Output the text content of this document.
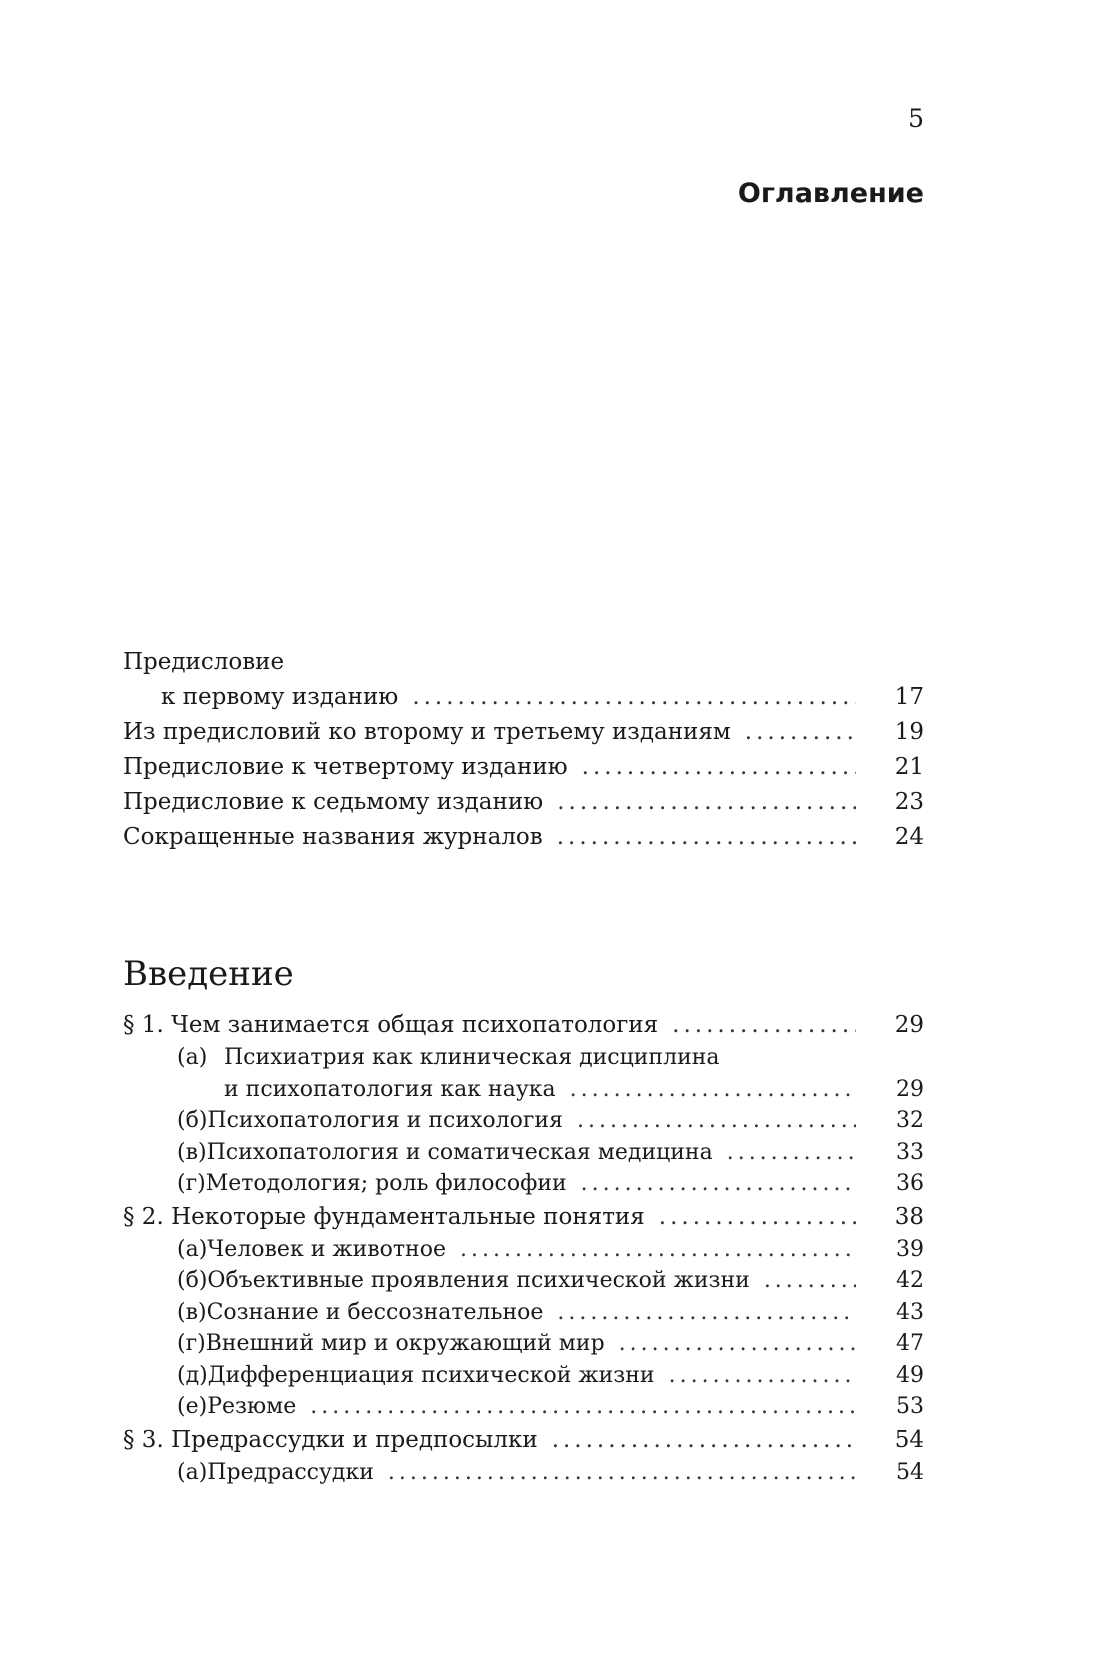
5
Оглавление
Предисловие
к первому изданию .....	17
Из предисловий ко второму и третьему изданиям .....	19
Предисловие к четвертому изданию .....	21
Предисловие к седьмому изданию .....	23
Сокращенные названия журналов .....	24
Введение
§ 1. Чем занимается общая психопатология .....	29
(а) Психиатрия как клиническая дисциплина
и психопатология как наука .....	29
(б) Психопатология и психология .....	32
(в) Психопатология и соматическая медицина .....	33
(г) Методология; роль философии .....	36
§ 2. Некоторые фундаментальные понятия .....	38
(а) Человек и животное .....	39
(б) Объективные проявления психической жизни .....	42
(в) Сознание и бессознательное .....	43
(г) Внешний мир и окружающий мир .....	47
(д) Дифференциация психической жизни .....	49
(е) Резюме .....	53
§ 3. Предрассудки и предпосылки .....	54
(а) Предрассудки .....	54
